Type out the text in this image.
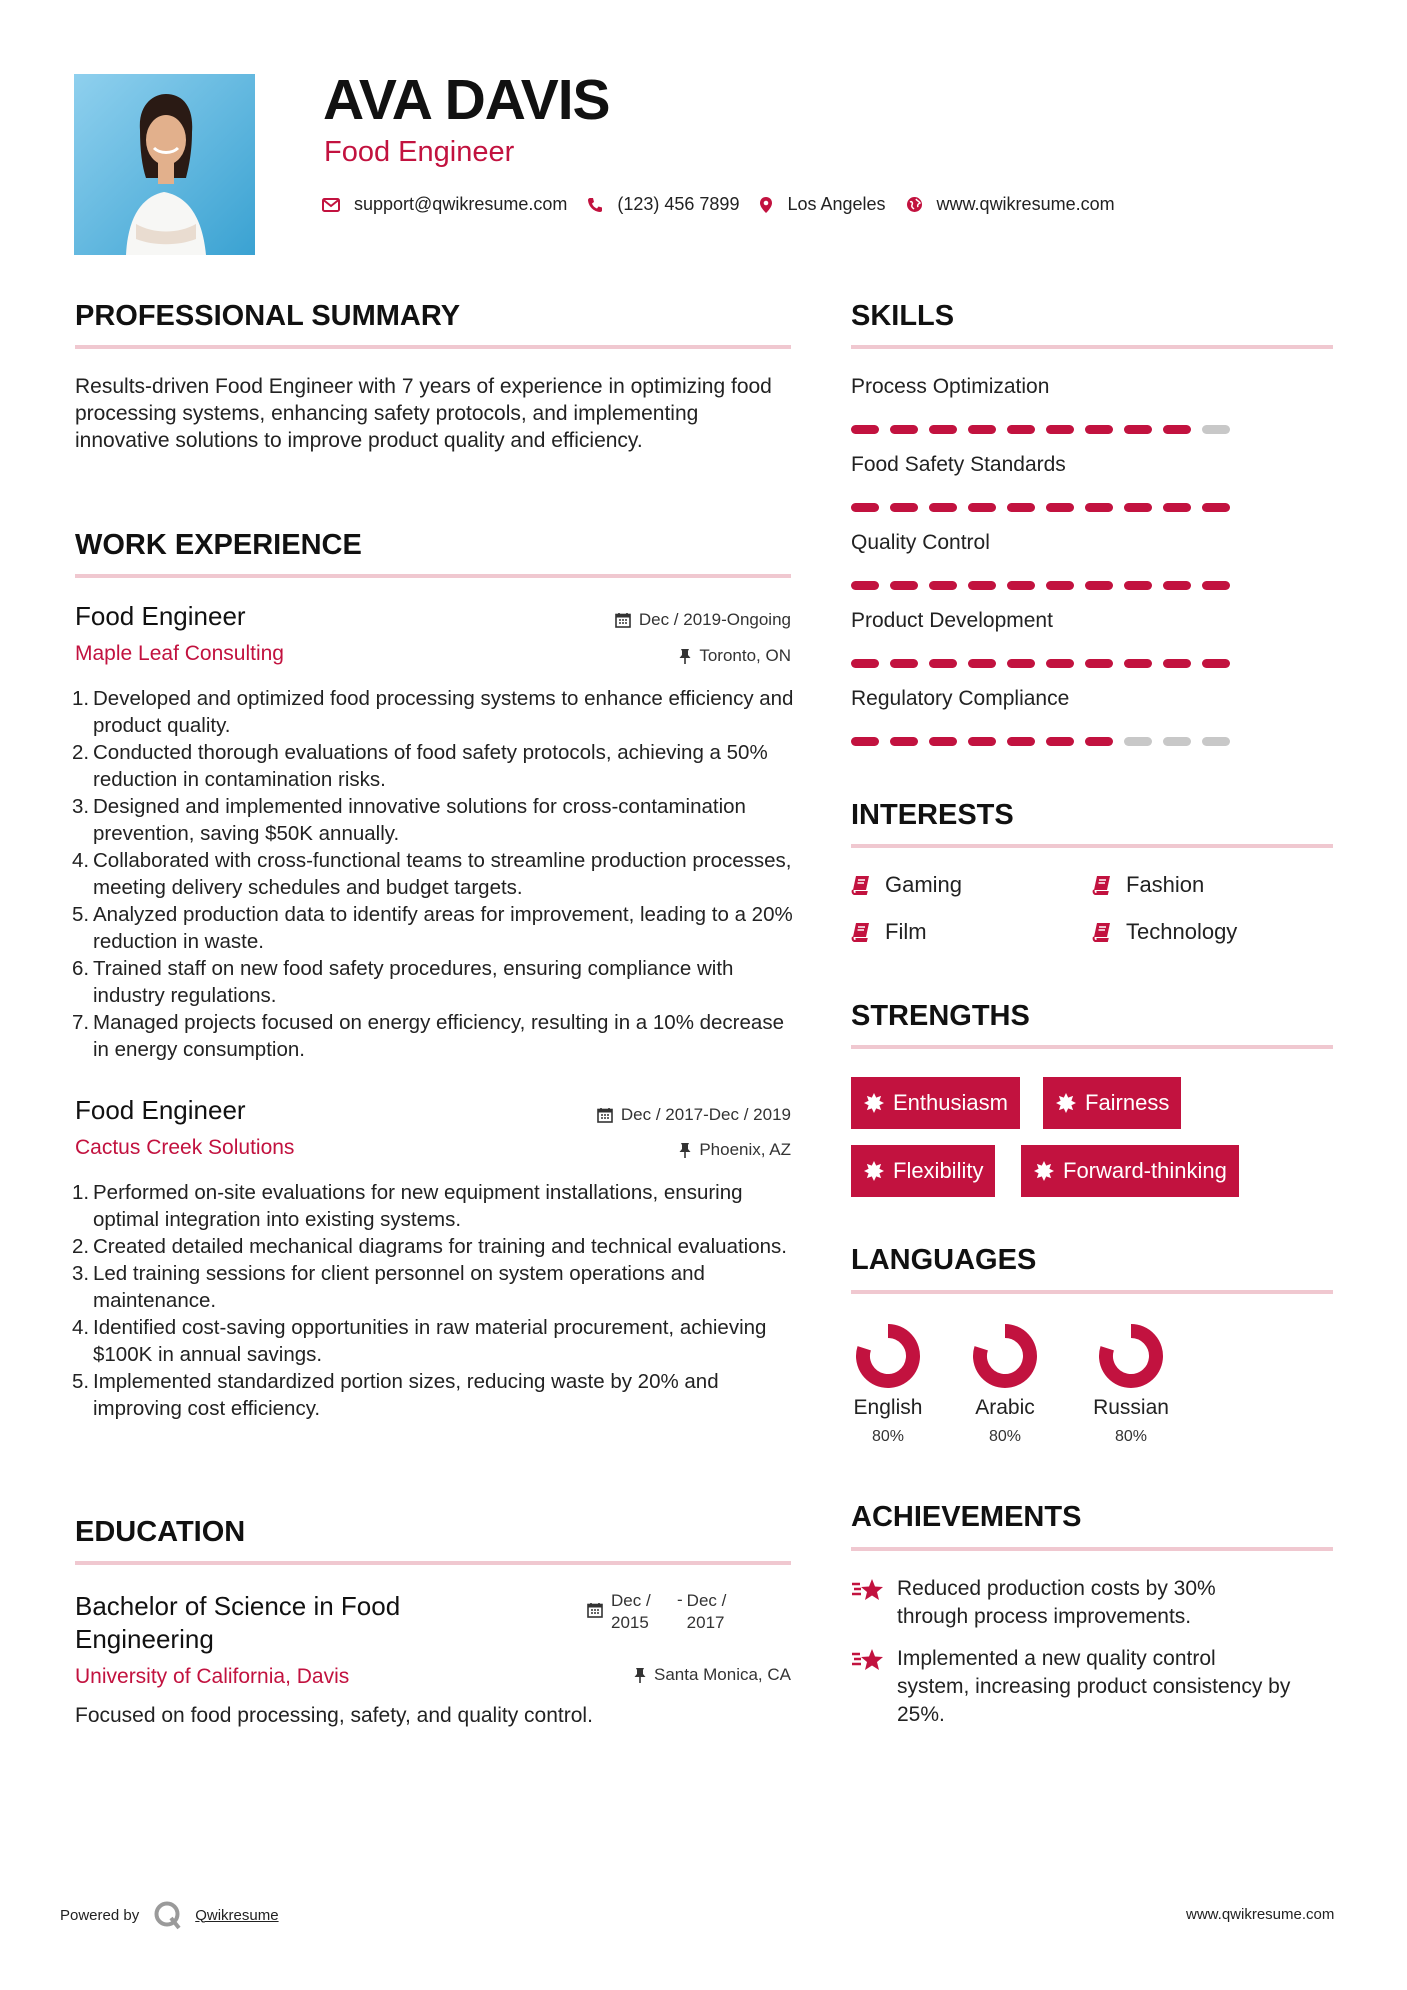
AVA DAVIS
Food Engineer
support@qwikresume.com	(123) 456 7899	Los Angeles	www.qwikresume.com
PROFESSIONAL SUMMARY
Results-driven Food Engineer with 7 years of experience in optimizing food processing systems, enhancing safety protocols, and implementing innovative solutions to improve product quality and efficiency.
WORK EXPERIENCE
Food Engineer	Dec / 2019-Ongoing
Maple Leaf Consulting	Toronto, ON
Developed and optimized food processing systems to enhance efficiency and product quality.
Conducted thorough evaluations of food safety protocols, achieving a 50% reduction in contamination risks.
Designed and implemented innovative solutions for cross-contamination prevention, saving $50K annually.
Collaborated with cross-functional teams to streamline production processes, meeting delivery schedules and budget targets.
Analyzed production data to identify areas for improvement, leading to a 20% reduction in waste.
Trained staff on new food safety procedures, ensuring compliance with industry regulations.
Managed projects focused on energy efficiency, resulting in a 10% decrease in energy consumption.
Food Engineer	Dec / 2017-Dec / 2019
Cactus Creek Solutions	Phoenix, AZ
Performed on-site evaluations for new equipment installations, ensuring optimal integration into existing systems.
Created detailed mechanical diagrams for training and technical evaluations.
Led training sessions for client personnel on system operations and maintenance.
Identified cost-saving opportunities in raw material procurement, achieving $100K in annual savings.
Implemented standardized portion sizes, reducing waste by 20% and improving cost efficiency.
EDUCATION
Bachelor of Science in Food Engineering
Dec / 2015
- Dec / 2017
University of California, Davis	Santa Monica, CA
Focused on food processing, safety, and quality control.
SKILLS
Process Optimization
Food Safety Standards
Quality Control
Product Development
Regulatory Compliance
INTERESTS
Gaming	Fashion
Film	Technology
STRENGTHS
Enthusiasm	Fairness
Flexibility	Forward-thinking
LANGUAGES
English
80%
Arabic
80%
Russian
80%
ACHIEVEMENTS
Reduced production costs by 30% through process improvements.
Implemented a new quality control system, increasing product consistency by 25%.
Powered by	Qwikresume	www.qwikresume.com
